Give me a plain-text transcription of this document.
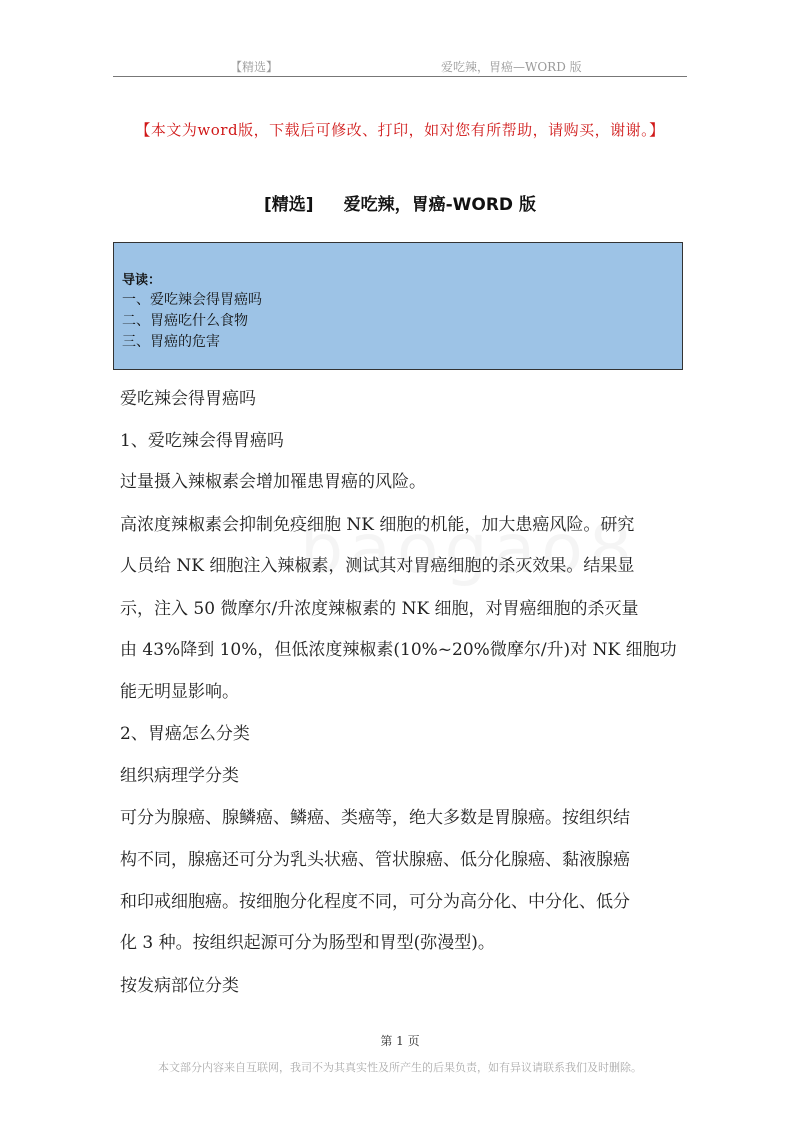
【精选】	爱吃辣，胃癌—WORD 版
【本文为word版，下载后可修改、打印，如对您有所帮助，请购买，谢谢。】
[精选] 爱吃辣，胃癌-WORD 版
导读：
一、爱吃辣会得胃癌吗
二、胃癌吃什么食物
三、胃癌的危害
爱吃辣会得胃癌吗
1、爱吃辣会得胃癌吗
过量摄入辣椒素会增加罹患胃癌的风险。
高浓度辣椒素会抑制免疫细胞 NK 细胞的机能，加大患癌风险。研究
人员给 NK 细胞注入辣椒素，测试其对胃癌细胞的杀灭效果。结果显
示，注入 50 微摩尔/升浓度辣椒素的 NK 细胞，对胃癌细胞的杀灭量
由 43%降到 10%，但低浓度辣椒素(10%~20%微摩尔/升)对 NK 细胞功
能无明显影响。
2、胃癌怎么分类
组织病理学分类
可分为腺癌、腺鳞癌、鳞癌、类癌等，绝大多数是胃腺癌。按组织结
构不同，腺癌还可分为乳头状癌、管状腺癌、低分化腺癌、黏液腺癌
和印戒细胞癌。按细胞分化程度不同，可分为高分化、中分化、低分
化 3 种。按组织起源可分为肠型和胃型(弥漫型)。
按发病部位分类
第 1 页
本文部分内容来自互联网，我司不为其真实性及所产生的后果负责，如有异议请联系我们及时删除。
